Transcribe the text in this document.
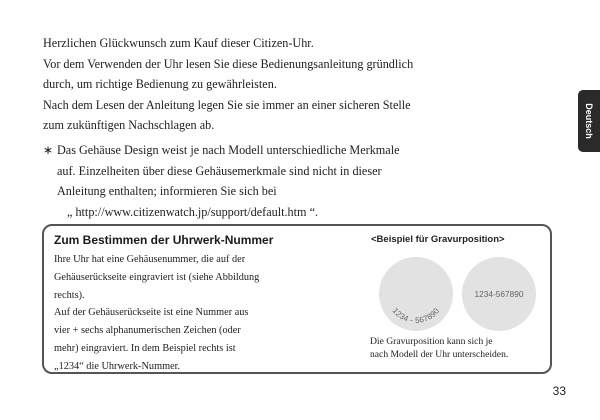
Herzlichen Glückwunsch zum Kauf dieser Citizen-Uhr.

Vor dem Verwenden der Uhr lesen Sie diese Bedienungsanleitung gründlich

durch, um richtige Bedienung zu gewährleisten.

Nach dem Lesen der Anleitung legen Sie sie immer an einer sicheren Stelle

zum zukünftigen Nachschlagen ab.

∗ Das Gehäuse Design weist je nach Modell unterschiedliche Merkmale
auf. Einzelheiten über diese Gehäusemerkmale sind nicht in dieser
Anleitung enthalten; informieren Sie sich bei
„ http://www.citizenwatch.jp/support/default.htm “.
Deutsch
Zum Bestimmen der Uhrwerk-Nummer

Ihre Uhr hat eine Gehäusenummer, die auf der

Gehäuserückseite eingraviert ist (siehe Abbildung

rechts).

Auf der Gehäuserückseite ist eine Nummer aus

vier + sechs alphanumerischen Zeichen (oder

mehr) eingraviert. In dem Beispiel rechts ist

„1234“ die Uhrwerk-Nummer.

<Beispiel für Gravurposition>
1234 - 567890
1234-567890

Die Gravurposition kann sich je

nach Modell der Uhr unterscheiden.

33
